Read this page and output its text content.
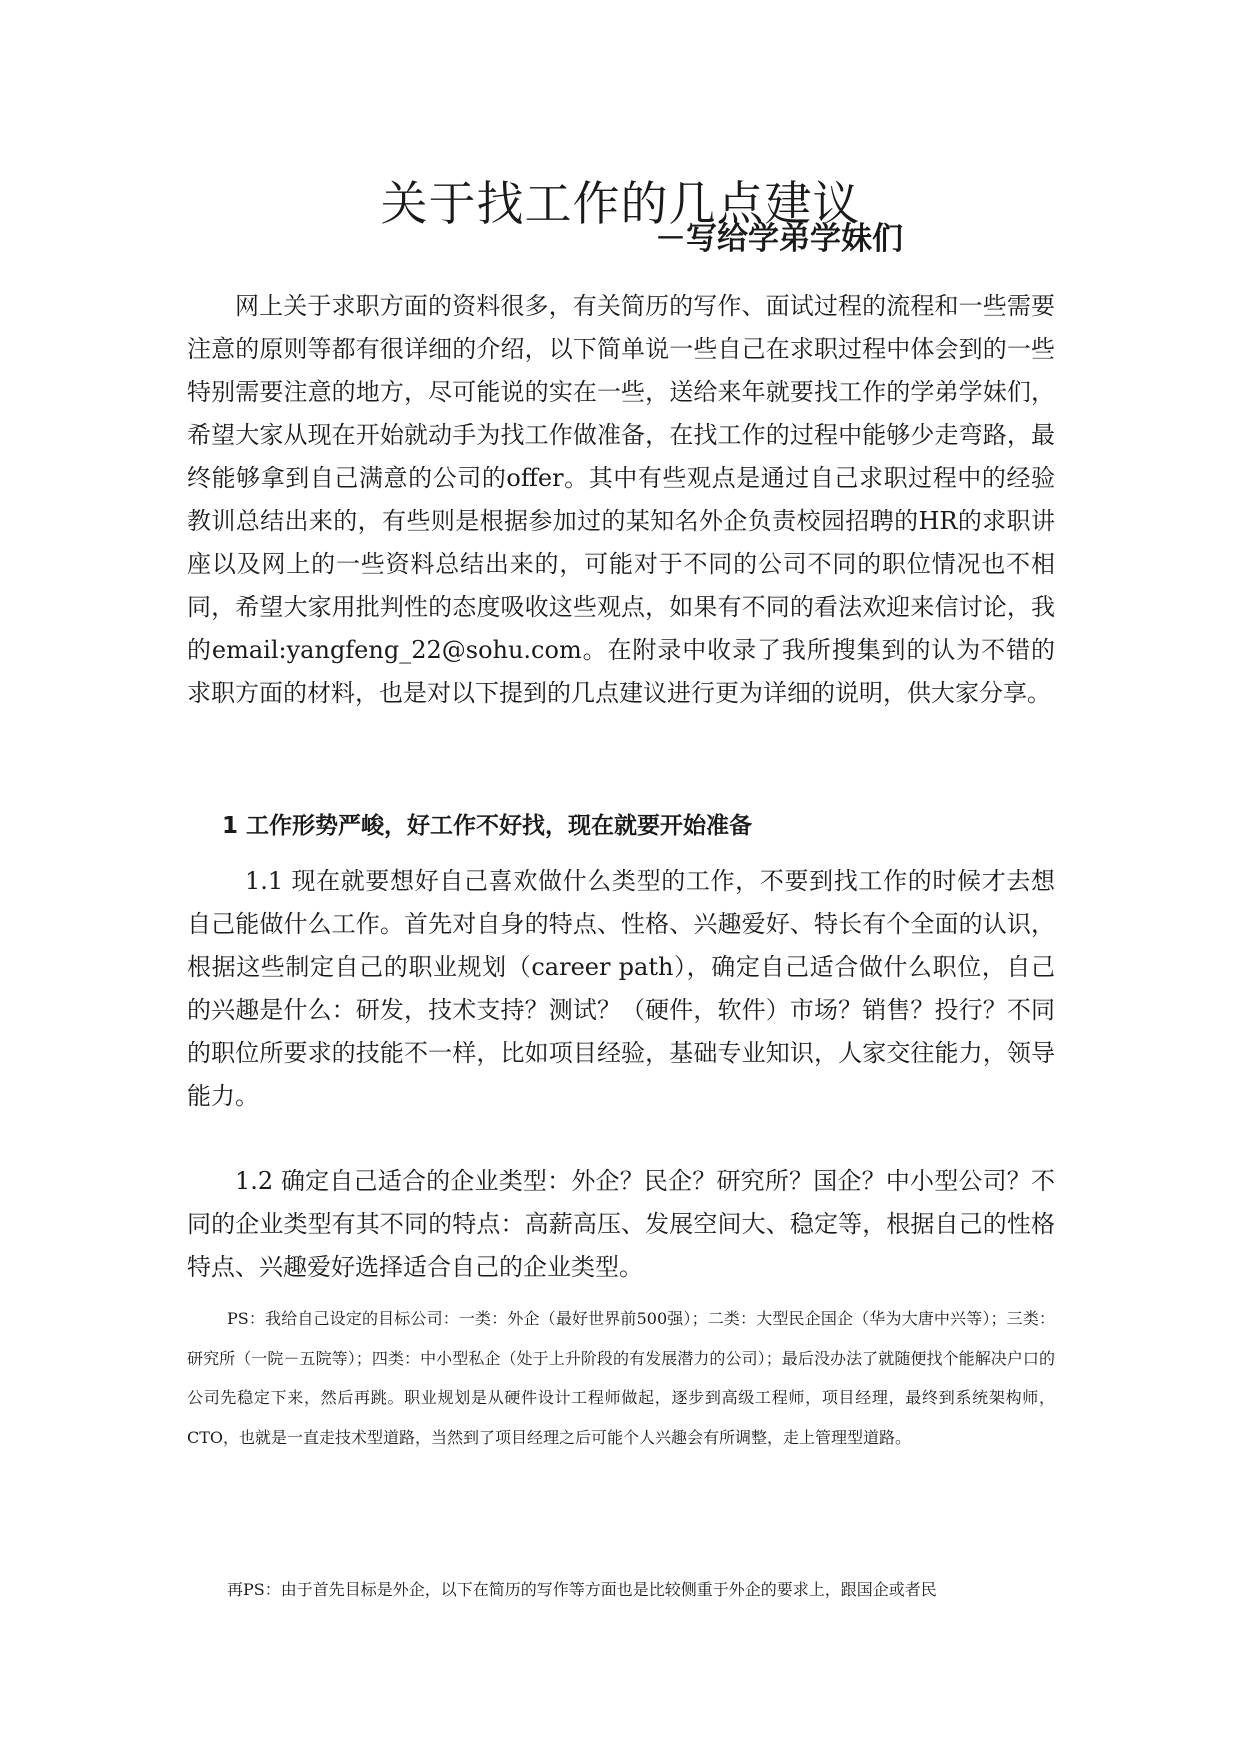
关于找工作的几点建议
－写给学弟学妹们

网上关于求职方面的资料很多，有关简历的写作、面试过程的流程和一些需要注意的原则等都有很详细的介绍，以下简单说一些自己在求职过程中体会到的一些特别需要注意的地方，尽可能说的实在一些，送给来年就要找工作的学弟学妹们，希望大家从现在开始就动手为找工作做准备，在找工作的过程中能够少走弯路，最终能够拿到自己满意的公司的offer。其中有些观点是通过自己求职过程中的经验教训总结出来的，有些则是根据参加过的某知名外企负责校园招聘的HR的求职讲座以及网上的一些资料总结出来的，可能对于不同的公司不同的职位情况也不相同，希望大家用批判性的态度吸收这些观点，如果有不同的看法欢迎来信讨论，我的email:yangfeng_22@sohu.com。在附录中收录了我所搜集到的认为不错的求职方面的材料，也是对以下提到的几点建议进行更为详细的说明，供大家分享。

1 工作形势严峻，好工作不好找，现在就要开始准备

1.1 现在就要想好自己喜欢做什么类型的工作，不要到找工作的时候才去想自己能做什么工作。首先对自身的特点、性格、兴趣爱好、特长有个全面的认识，根据这些制定自己的职业规划（career path），确定自己适合做什么职位，自己的兴趣是什么：研发，技术支持？测试？（硬件，软件）市场？销售？投行？不同的职位所要求的技能不一样，比如项目经验，基础专业知识，人家交往能力，领导能力。

1.2 确定自己适合的企业类型：外企？民企？研究所？国企？中小型公司？不同的企业类型有其不同的特点：高薪高压、发展空间大、稳定等，根据自己的性格特点、兴趣爱好选择适合自己的企业类型。

PS：我给自己设定的目标公司：一类：外企（最好世界前500强）；二类：大型民企国企（华为大唐中兴等）；三类：研究所（一院－五院等）；四类：中小型私企（处于上升阶段的有发展潜力的公司）；最后没办法了就随便找个能解决户口的公司先稳定下来，然后再跳。职业规划是从硬件设计工程师做起，逐步到高级工程师，项目经理，最终到系统架构师，CTO，也就是一直走技术型道路，当然到了项目经理之后可能个人兴趣会有所调整，走上管理型道路。

再PS：由于首先目标是外企，以下在简历的写作等方面也是比较侧重于外企的要求上，跟国企或者民
